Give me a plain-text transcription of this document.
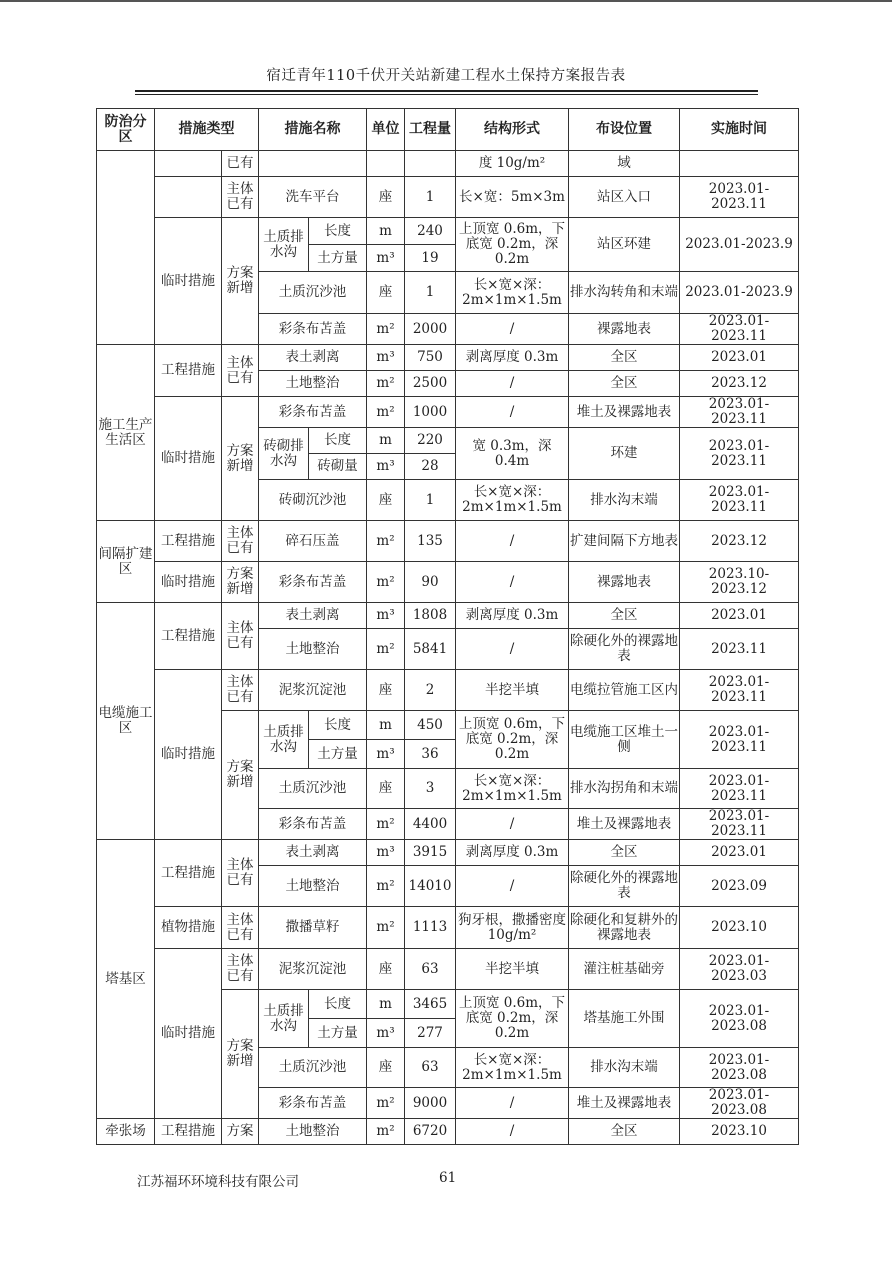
宿迁青年110千伏开关站新建工程水土保持方案报告表
防治分区	措施类型		措施名称		单位	工程量	结构形式	布设位置	实施时间
		已有					度 10g/m²	域	
		主体已有	洗车平台		座	1	长×宽：5m×3m	站区入口	2023.01-2023.11
	临时措施	方案新增	土质排水沟	长度	m	240	上顶宽 0.6m，下底宽 0.2m，深 0.2m	站区环建	2023.01-2023.9
				土方量	m³	19			
			土质沉沙池		座	1	长×宽×深：2m×1m×1.5m	排水沟转角和末端	2023.01-2023.9
			彩条布苫盖		m²	2000	/	裸露地表	2023.01-2023.11
施工生产生活区	工程措施	主体已有	表土剥离		m³	750	剥离厚度 0.3m	全区	2023.01
			土地整治		m²	2500	/	全区	2023.12
	临时措施	方案新增	彩条布苫盖		m²	1000	/	堆土及裸露地表	2023.01-2023.11
			砖砌排水沟	长度	m	220	宽 0.3m，深 0.4m	环建	2023.01-2023.11
				砖砌量	m³	28			
			砖砌沉沙池		座	1	长×宽×深：2m×1m×1.5m	排水沟末端	2023.01-2023.11
间隔扩建区	工程措施	主体已有	碎石压盖		m²	135	/	扩建间隔下方地表	2023.12
	临时措施	方案新增	彩条布苫盖		m²	90	/	裸露地表	2023.10-2023.12
电缆施工区	工程措施	主体已有	表土剥离		m³	1808	剥离厚度 0.3m	全区	2023.01
			土地整治		m²	5841	/	除硬化外的裸露地表	2023.11
	临时措施	主体已有	泥浆沉淀池		座	2	半挖半填	电缆拉管施工区内	2023.01-2023.11
		方案新增	土质排水沟	长度	m	450	上顶宽 0.6m，下底宽 0.2m，深 0.2m	电缆施工区堆土一侧	2023.01-2023.11
				土方量	m³	36			
			土质沉沙池		座	3	长×宽×深：2m×1m×1.5m	排水沟拐角和末端	2023.01-2023.11
			彩条布苫盖		m²	4400	/	堆土及裸露地表	2023.01-2023.11
塔基区	工程措施	主体已有	表土剥离		m³	3915	剥离厚度 0.3m	全区	2023.01
			土地整治		m²	14010	/	除硬化外的裸露地表	2023.09
	植物措施	主体已有	撒播草籽		m²	1113	狗牙根，撒播密度 10g/m²	除硬化和复耕外的裸露地表	2023.10
	临时措施	主体已有	泥浆沉淀池		座	63	半挖半填	灌注桩基础旁	2023.01-2023.03
		方案新增	土质排水沟	长度	m	3465	上顶宽 0.6m，下底宽 0.2m，深 0.2m	塔基施工外围	2023.01-2023.08
				土方量	m³	277			
			土质沉沙池		座	63	长×宽×深：2m×1m×1.5m	排水沟末端	2023.01-2023.08
			彩条布苫盖		m²	9000	/	堆土及裸露地表	2023.01-2023.08
牵张场	工程措施	方案	土地整治		m²	6720	/	全区	2023.10
江苏福环环境科技有限公司	61
